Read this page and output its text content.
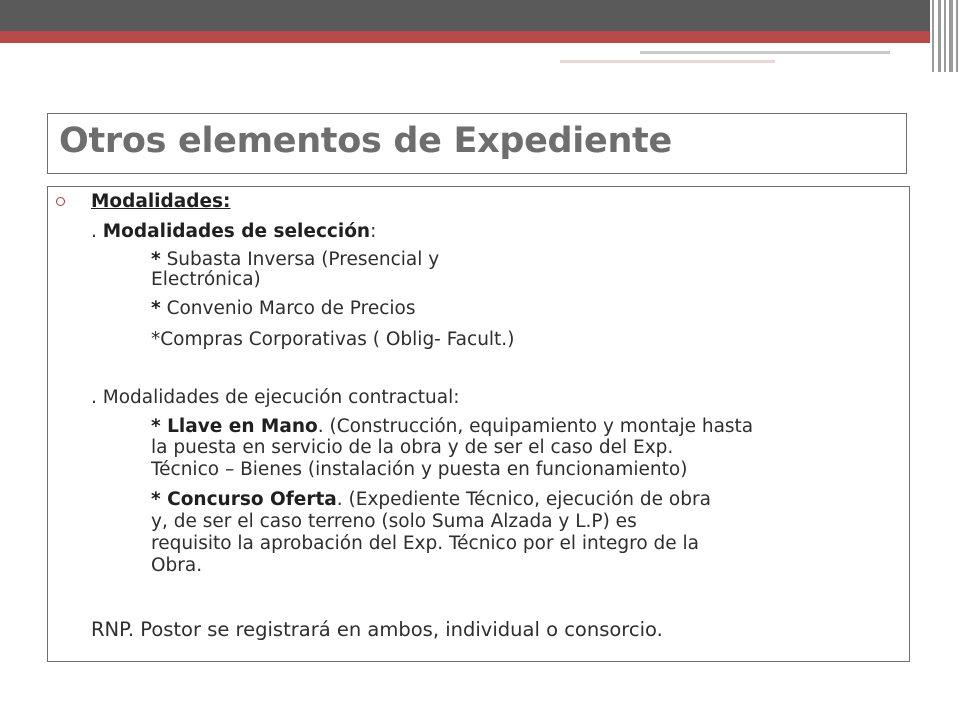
Otros elementos de Expediente
Modalidades:
. Modalidades de selección:
* Subasta Inversa (Presencial y
Electrónica)
* Convenio Marco de Precios
*Compras Corporativas ( Oblig- Facult.)
. Modalidades de ejecución contractual:
* Llave en Mano. (Construcción, equipamiento y montaje hasta
la puesta en servicio de la obra y de ser el caso del Exp.
Técnico – Bienes (instalación y puesta en funcionamiento)
* Concurso Oferta. (Expediente Técnico, ejecución de obra
y, de ser el caso terreno (solo Suma Alzada y L.P) es
requisito la aprobación del Exp. Técnico por el integro de la
Obra.
RNP. Postor se registrará en ambos, individual o consorcio.
